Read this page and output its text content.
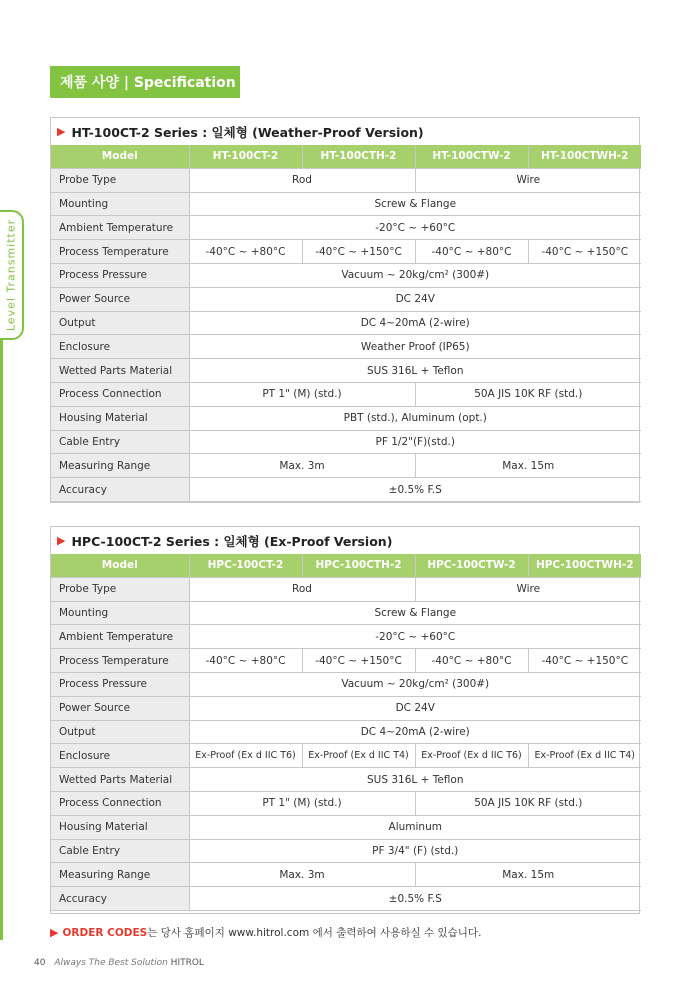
제품 사양 | Specification
Level Transmitter
▶ HT-100CT-2 Series : 일체형 (Weather-Proof Version)
Model	HT-100CT-2	HT-100CTH-2	HT-100CTW-2	HT-100CTWH-2
Probe Type	Rod		Wire	
Mounting	Screw & Flange			
Ambient Temperature	-20°C ~ +60°C			
Process Temperature	-40°C ~ +80°C	-40°C ~ +150°C	-40°C ~ +80°C	-40°C ~ +150°C
Process Pressure	Vacuum ~ 20kg/cm² (300#)			
Power Source	DC 24V			
Output	DC 4~20mA (2-wire)			
Enclosure	Weather Proof (IP65)			
Wetted Parts Material	SUS 316L + Teflon			
Process Connection	PT 1" (M) (std.)		50A JIS 10K RF (std.)	
Housing Material	PBT (std.), Aluminum (opt.)			
Cable Entry	PF 1/2"(F)(std.)			
Measuring Range	Max. 3m		Max. 15m	
Accuracy	±0.5% F.S			
▶ HPC-100CT-2 Series : 일체형 (Ex-Proof Version)
Model	HPC-100CT-2	HPC-100CTH-2	HPC-100CTW-2	HPC-100CTWH-2
Probe Type	Rod		Wire	
Mounting	Screw & Flange			
Ambient Temperature	-20°C ~ +60°C			
Process Temperature	-40°C ~ +80°C	-40°C ~ +150°C	-40°C ~ +80°C	-40°C ~ +150°C
Process Pressure	Vacuum ~ 20kg/cm² (300#)			
Power Source	DC 24V			
Output	DC 4~20mA (2-wire)			
Enclosure	Ex-Proof (Ex d IIC T6)	Ex-Proof (Ex d IIC T4)	Ex-Proof (Ex d IIC T6)	Ex-Proof (Ex d IIC T4)
Wetted Parts Material	SUS 316L + Teflon			
Process Connection	PT 1" (M) (std.)		50A JIS 10K RF (std.)	
Housing Material	Aluminum			
Cable Entry	PF 3/4" (F) (std.)			
Measuring Range	Max. 3m		Max. 15m	
Accuracy	±0.5% F.S			
▶ ORDER CODES는 당사 홈페이지 www.hitrol.com 에서 출력하여 사용하실 수 있습니다.
40 Always The Best Solution HITROL
